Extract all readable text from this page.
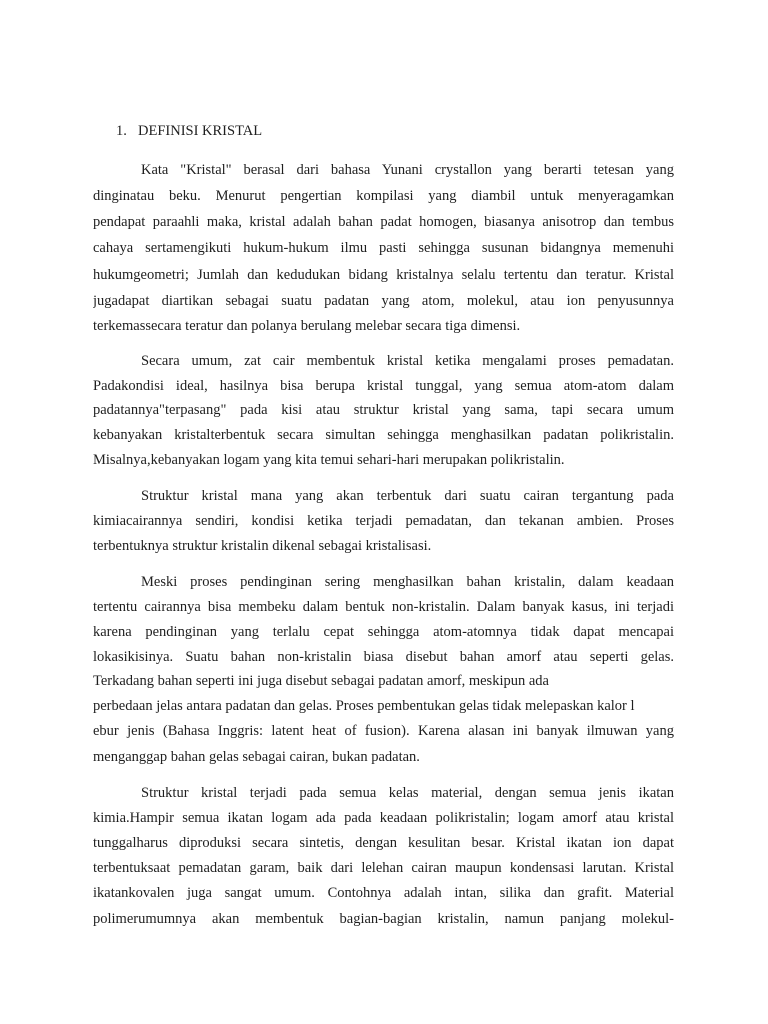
1. DEFINISI KRISTAL
Kata "Kristal" berasal dari bahasa Yunani crystallon yang berarti tetesan yang
dinginatau beku. Menurut pengertian kompilasi yang diambil untuk menyeragamkan
pendapat paraahli maka, kristal adalah bahan padat homogen, biasanya anisotrop dan tembus
cahaya sertamengikuti hukum-hukum ilmu pasti sehingga susunan bidangnya memenuhi
hukumgeometri; Jumlah dan kedudukan bidang kristalnya selalu tertentu dan teratur. Kristal
jugadapat diartikan sebagai suatu padatan yang atom, molekul, atau ion penyusunnya
terkemassecara teratur dan polanya berulang melebar secara tiga dimensi.
Secara umum, zat cair membentuk kristal ketika mengalami proses pemadatan.
Padakondisi ideal, hasilnya bisa berupa kristal tunggal, yang semua atom-atom dalam
padatannya"terpasang" pada kisi atau struktur kristal yang sama, tapi secara umum
kebanyakan kristalterbentuk secara simultan sehingga menghasilkan padatan polikristalin.
Misalnya,kebanyakan logam yang kita temui sehari-hari merupakan polikristalin.
Struktur kristal mana yang akan terbentuk dari suatu cairan tergantung pada
kimiacairannya sendiri, kondisi ketika terjadi pemadatan, dan tekanan ambien. Proses
terbentuknya struktur kristalin dikenal sebagai kristalisasi.
Meski proses pendinginan sering menghasilkan bahan kristalin, dalam keadaan
tertentu cairannya bisa membeku dalam bentuk non-kristalin. Dalam banyak kasus, ini terjadi
karena pendinginan yang terlalu cepat sehingga atom-atomnya tidak dapat mencapai
lokasikisinya. Suatu bahan non-kristalin biasa disebut bahan amorf atau seperti gelas.
Terkadang bahan seperti ini juga disebut sebagai padatan amorf, meskipun ada
perbedaan jelas antara padatan dan gelas. Proses pembentukan gelas tidak melepaskan kalor l
ebur jenis (Bahasa Inggris: latent heat of fusion). Karena alasan ini banyak ilmuwan yang
menganggap bahan gelas sebagai cairan, bukan padatan.
Struktur kristal terjadi pada semua kelas material, dengan semua jenis ikatan
kimia.Hampir semua ikatan logam ada pada keadaan polikristalin; logam amorf atau kristal
tunggalharus diproduksi secara sintetis, dengan kesulitan besar. Kristal ikatan ion dapat
terbentuksaat pemadatan garam, baik dari lelehan cairan maupun kondensasi larutan. Kristal
ikatankovalen juga sangat umum. Contohnya adalah intan, silika dan grafit. Material
polimerumumnya akan membentuk bagian-bagian kristalin, namun panjang molekul-
